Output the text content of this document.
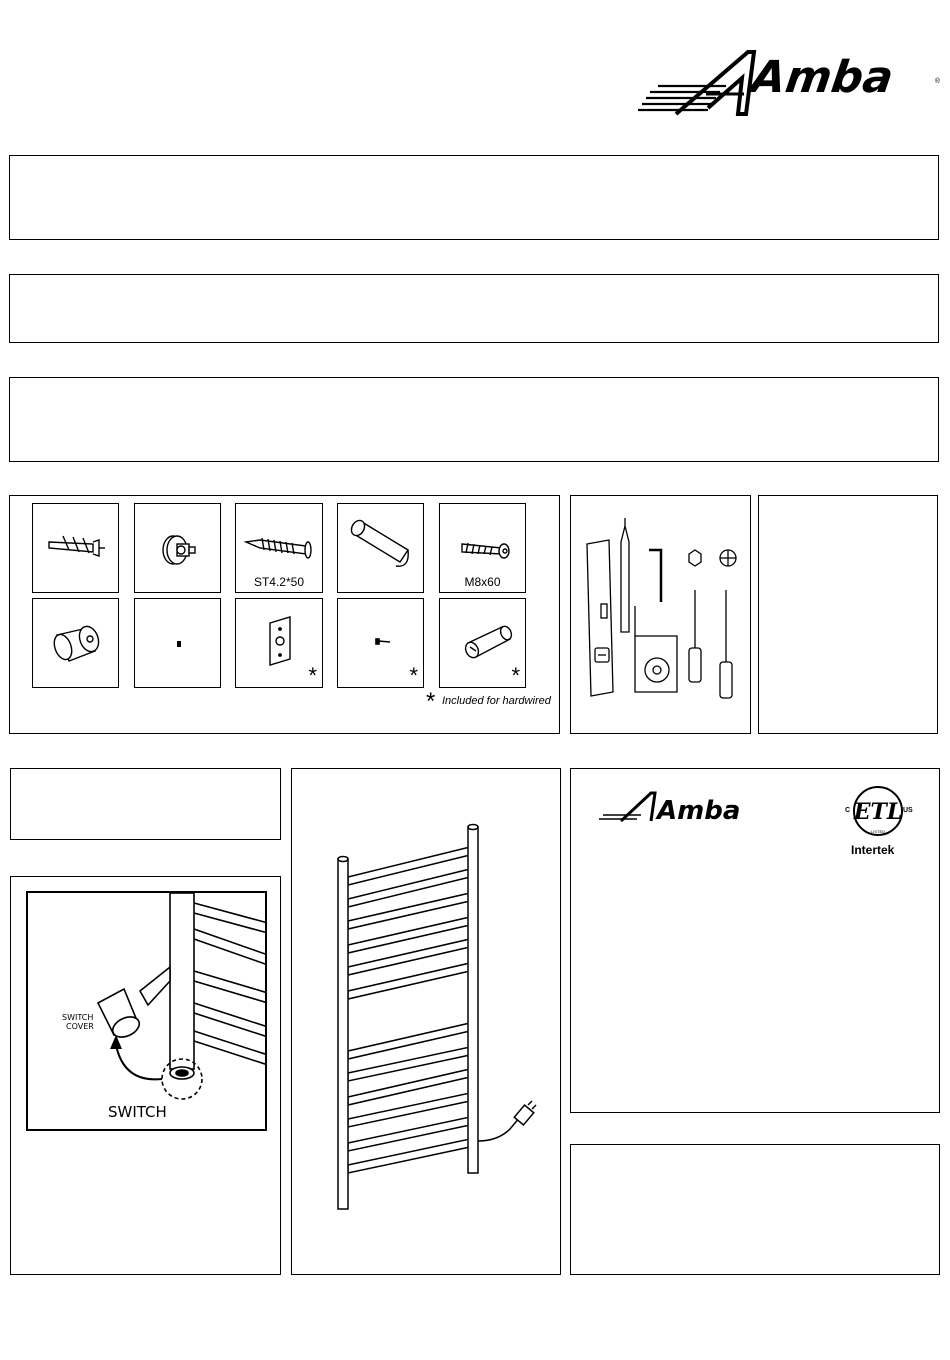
Amba	®
ST4.2*50	M8x60
*	*	*
* Included for hardwired
SWITCH
COVER
SWITCH
Amba	ETL
C	US
LISTED
Intertek
